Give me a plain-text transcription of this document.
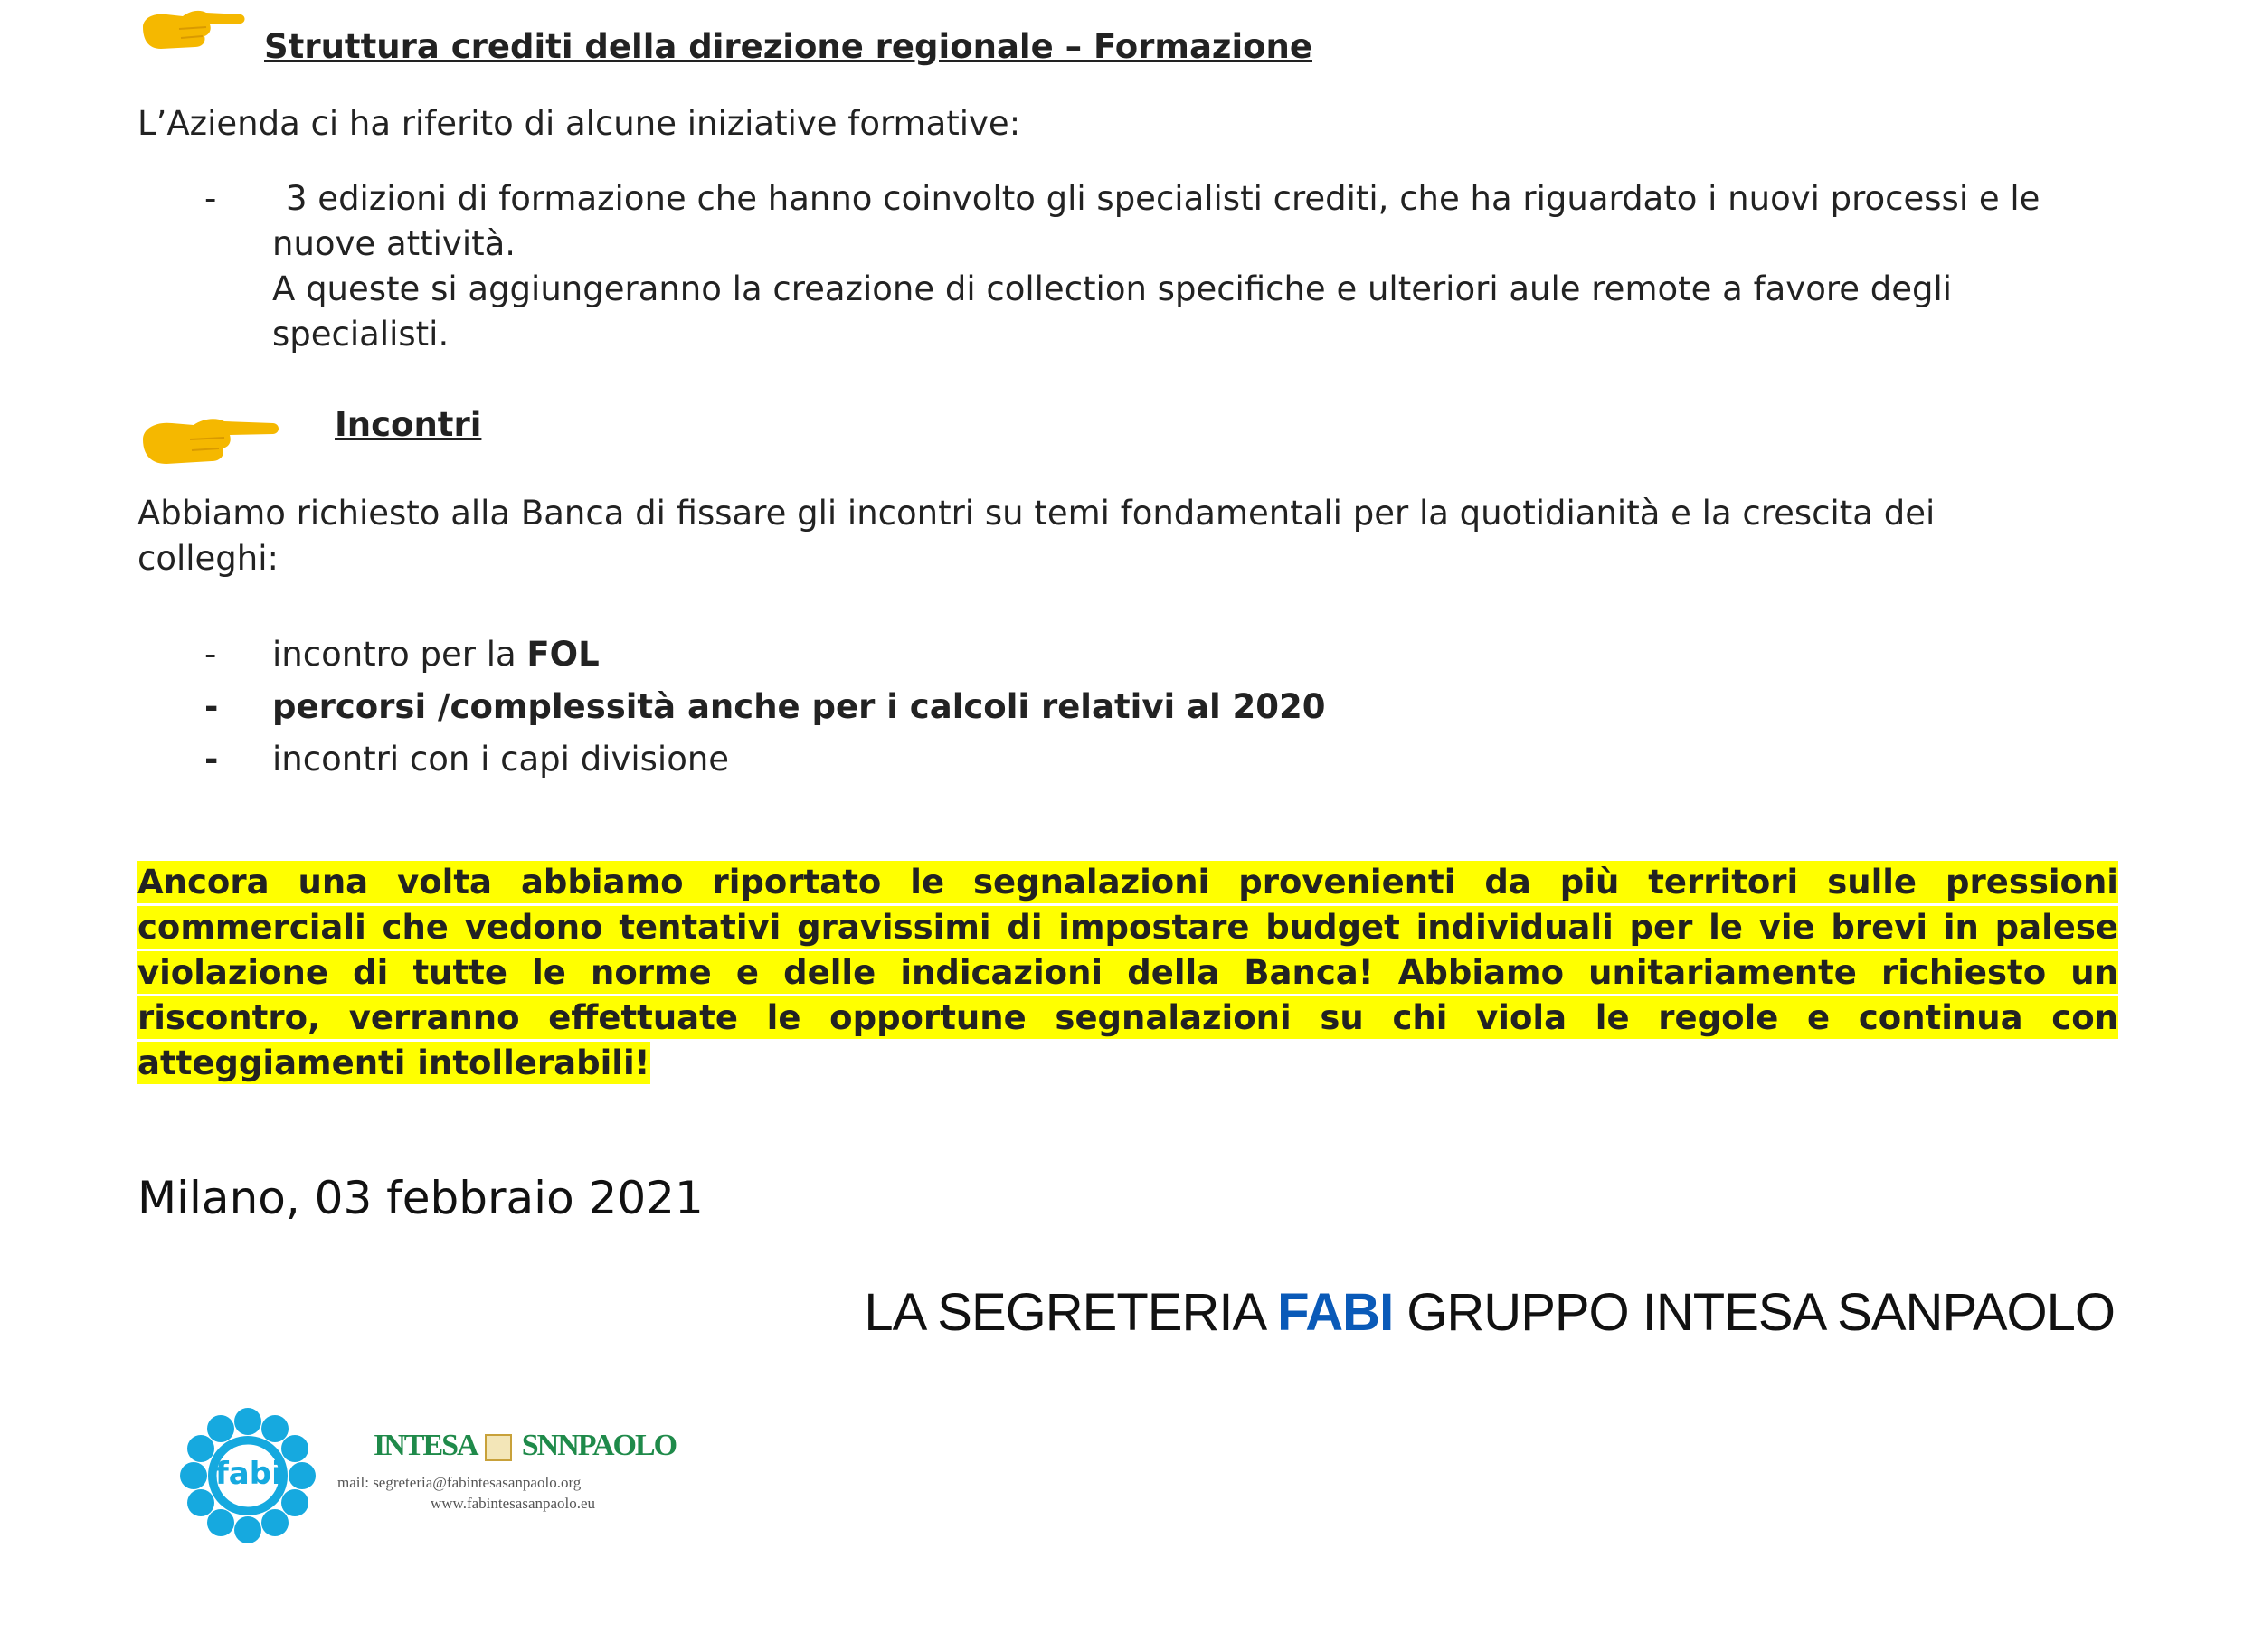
Struttura crediti della direzione regionale – Formazione
L’Azienda ci ha riferito di alcune iniziative formative:
- 3 edizioni di formazione che hanno coinvolto gli specialisti crediti, che ha riguardato i nuovi processi e le
nuove attività.
A queste si aggiungeranno la creazione di collection specifiche e ulteriori aule remote a favore degli
specialisti.
Incontri
Abbiamo richiesto alla Banca di fissare gli incontri su temi fondamentali per la quotidianità e la crescita dei
colleghi:
- incontro per la FOL
- percorsi /complessità anche per i calcoli relativi al 2020
- incontri con i capi divisione
Ancora una volta abbiamo riportato le segnalazioni provenienti da più territori sulle pressioni commerciali che vedono tentativi gravissimi di impostare budget individuali per le vie brevi in palese violazione di tutte le norme e delle indicazioni della Banca! Abbiamo unitariamente richiesto un riscontro, verranno effettuate le opportune segnalazioni su chi viola le regole e continua con atteggiamenti intollerabili!
Milano, 03 febbraio 2021
LA SEGRETERIA FABI GRUPPO INTESA SANPAOLO
fabi
INTESA SNNPAOLO
mail: segreteria@fabintesasanpaolo.org
www.fabintesasanpaolo.eu
